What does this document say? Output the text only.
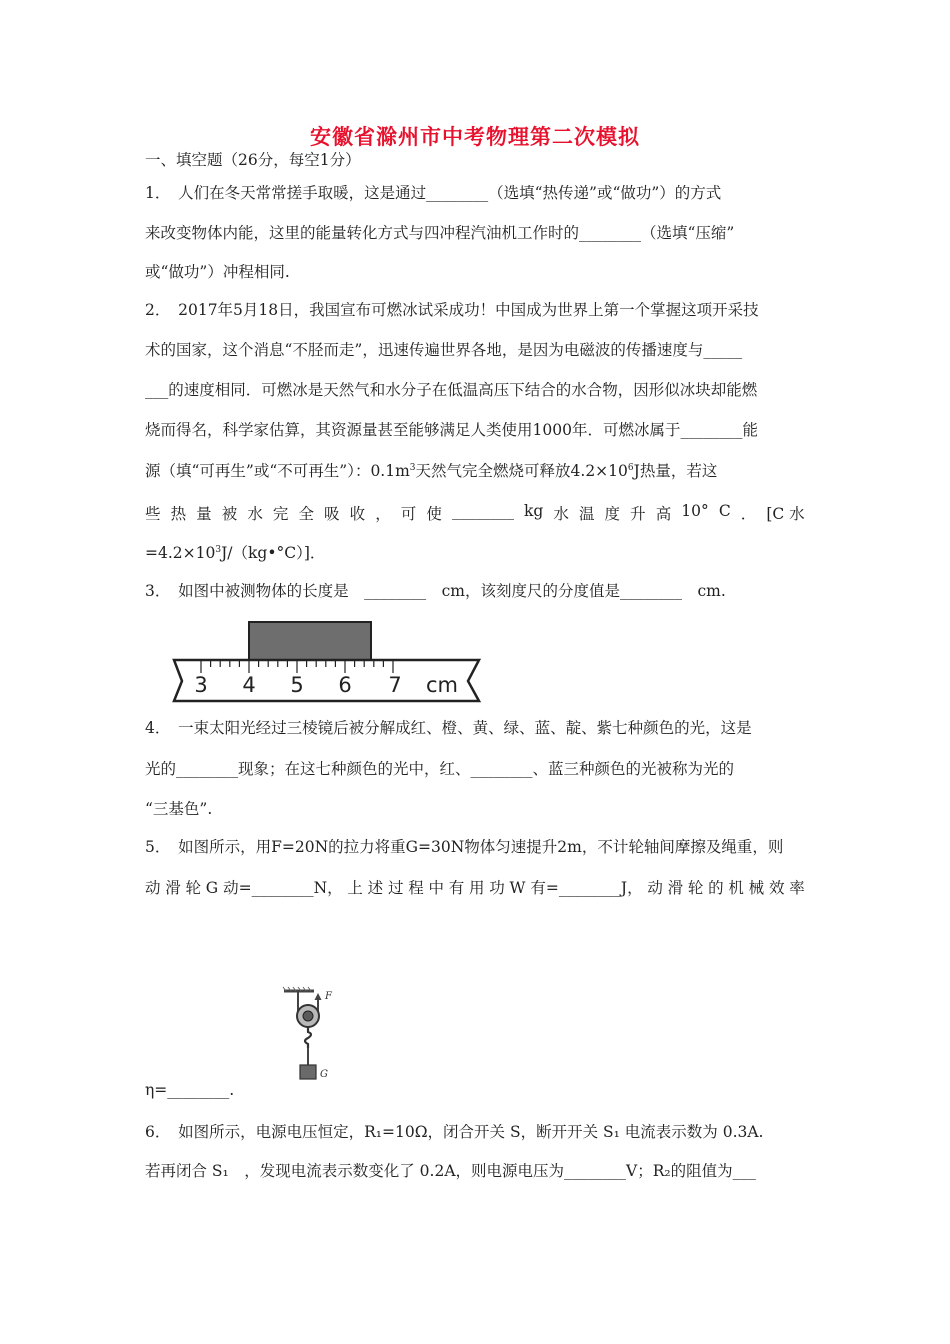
安徽省滁州市中考物理第二次模拟
一、填空题（26分，每空1分）
1．　人们在冬天常常搓手取暖，这是通过________（选填“热传递”或“做功”）的方式
来改变物体内能，这里的能量转化方式与四冲程汽油机工作时的________（选填“压缩”
或“做功”）冲程相同.
2．　2017年5月18日，我国宣布可燃冰试采成功！中国成为世界上第一个掌握这项开采技
术的国家，这个消息“不胫而走”，迅速传遍世界各地，是因为电磁波的传播速度与_____
___的速度相同．可燃冰是天然气和水分子在低温高压下结合的水合物，因形似冰块却能燃
烧而得名，科学家估算，其资源量甚至能够满足人类使用1000年．可燃冰属于________能
源（填“可再生”或“不可再生”）：$0.1m^3$天然气完全燃烧可释放$4.2\times 10^6J$热量，若这
些 热 量 被 水 完 全 吸 收 ， 可 使 ________ kg 水 温 度 升 高 10° C ． [C 水
$=4.2\times 10^3J/(kg•^\circ C)$]．
3．　如图中被测物体的长度是　________　cm，该刻度尺的分度值是________　cm.
3 4 5 6 7 cm
4．　一束太阳光经过三棱镜后被分解成红、橙、黄、绿、蓝、靛、紫七种颜色的光，这是
光的________现象；在这七种颜色的光中，红、________、蓝三种颜色的光被称为光的
“三基色”.
5．　如图所示，用F=20N的拉力将重G=30N物体匀速提升2m，不计轮轴间摩擦及绳重，则
动 滑 轮 G 动=________N， 上 述 过 程 中 有 用 功 W 有=________J， 动 滑 轮 的 机 械 效 率
F
G
η=________.
6．　如图所示，电源电压恒定，R₁=10Ω，闭合开关 S，断开开关 S₁ 电流表示数为 0.3A.
若再闭合 S₁　，发现电流表示数变化了 0.2A，则电源电压为________V；R₂的阻值为___
